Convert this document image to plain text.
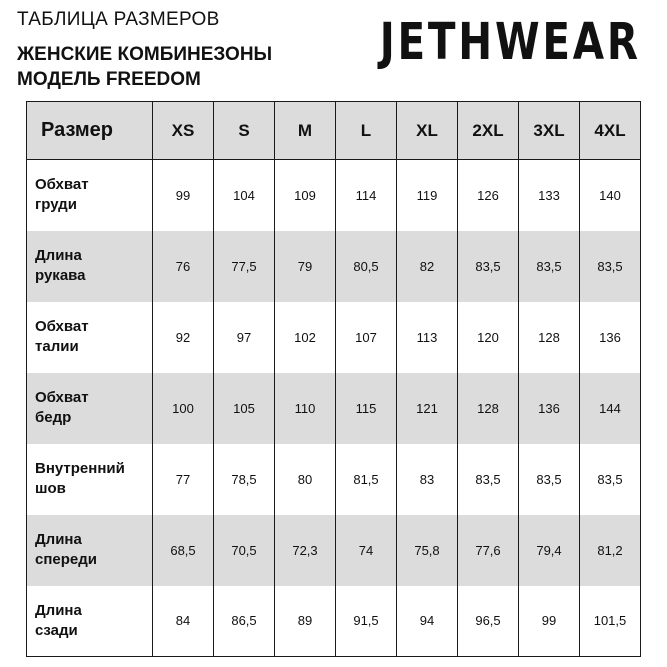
ТАБЛИЦА РАЗМЕРОВ
ЖЕНСКИЕ КОМБИНЕЗОНЫ
МОДЕЛЬ FREEDOM
JETHWEAR
Размер	XS	S	M	L	XL	2XL	3XL	4XL
Обхват
груди	99	104	109	114	119	126	133	140
Длина
рукава	76	77,5	79	80,5	82	83,5	83,5	83,5
Обхват
талии	92	97	102	107	113	120	128	136
Обхват
бедр	100	105	110	115	121	128	136	144
Внутренний
шов	77	78,5	80	81,5	83	83,5	83,5	83,5
Длина
спереди	68,5	70,5	72,3	74	75,8	77,6	79,4	81,2
Длина
сзади	84	86,5	89	91,5	94	96,5	99	101,5
